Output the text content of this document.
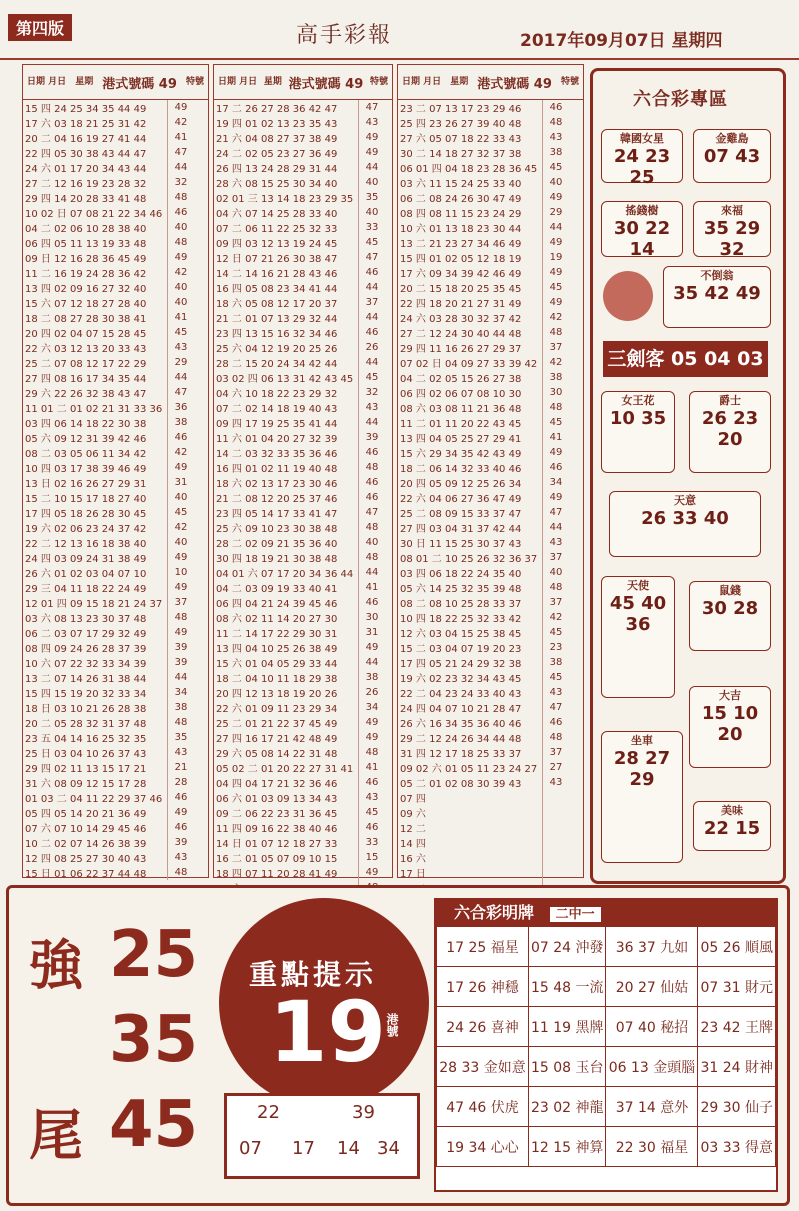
第四版	高手彩報	2017年09月07日 星期四
日期 月日 星期 港式號碼 49 特號
15 四 24 25 34 35 44 49	49
17 六 03 18 21 25 31 42	42
20 二 04 16 19 27 41 44	41
22 四 05 30 38 43 44 47	47
24 六 01 17 20 34 43 44	44
27 二 12 16 19 23 28 32	32
29 四 14 20 28 33 41 48	48
10 02 日 07 08 21 22 34 46	46
04 二 02 06 10 28 38 40	40
06 四 05 11 13 19 33 48	48
09 日 12 16 28 36 45 49	49
11 二 16 19 24 28 36 42	42
13 四 02 09 16 27 32 40	40
15 六 07 12 18 27 28 40	40
18 二 08 27 28 30 38 41	41
20 四 02 04 07 15 28 45	45
22 六 03 12 13 20 33 43	43
25 二 07 08 12 17 22 29	29
27 四 08 16 17 34 35 44	44
29 六 22 26 32 38 43 47	47
11 01 二 01 02 21 31 33 36	36
03 四 06 14 18 22 30 38	38
05 六 09 12 31 39 42 46	46
08 二 03 05 06 11 34 42	42
10 四 03 17 38 39 46 49	49
13 日 02 16 26 27 29 31	31
15 二 10 15 17 18 27 40	40
17 四 05 18 26 28 30 45	45
19 六 02 06 23 24 37 42	42
22 二 12 13 16 18 38 40	40
24 四 03 09 24 31 38 49	49
26 六 01 02 03 04 07 10	10
29 三 04 11 18 22 24 49	49
12 01 四 09 15 18 21 24 37	37
03 六 08 13 23 30 37 48	48
06 二 03 07 17 29 32 49	49
08 四 09 24 26 28 37 39	39
10 六 07 22 32 33 34 39	39
13 二 07 14 26 31 38 44	44
15 四 15 19 20 32 33 34	34
18 日 03 10 21 26 28 38	38
20 二 05 28 32 31 37 48	48
23 五 04 14 16 25 32 35	35
25 日 03 04 10 26 37 43	43
29 四 02 11 13 15 17 21	21
31 六 08 09 12 15 17 28	28
01 03 二 04 11 22 29 37 46	46
05 四 05 14 20 21 36 49	49
07 六 07 10 14 29 45 46	46
10 二 02 07 14 26 38 39	39
12 四 08 25 27 30 40 43	43
15 日 01 06 22 37 44 48	48
日期 月日 星期 港式號碼 49 特號
17 二 26 27 28 36 42 47	47
19 四 01 02 13 23 35 43	43
21 六 04 08 27 37 38 49	49
24 二 02 05 23 27 36 49	49
26 四 13 24 28 29 31 44	44
28 六 08 15 25 30 34 40	40
02 01 三 13 14 18 23 29 35	35
04 六 07 14 25 28 33 40	40
07 二 06 11 22 25 32 33	33
09 四 03 12 13 19 24 45	45
12 日 07 21 26 30 38 47	47
14 二 14 16 21 28 43 46	46
16 四 05 08 23 34 41 44	44
18 六 05 08 12 17 20 37	37
21 二 01 07 13 29 32 44	44
23 四 13 15 16 32 34 46	46
25 六 04 12 19 20 25 26	26
28 二 15 20 24 34 42 44	44
03 02 四 06 13 31 42 43 45	45
04 六 10 18 22 23 29 32	32
07 二 02 14 18 19 40 43	43
09 四 17 19 25 35 41 44	44
11 六 01 04 20 27 32 39	39
14 二 03 32 33 35 36 46	46
16 四 01 02 11 19 40 48	48
18 六 02 13 17 23 30 46	46
21 二 08 12 20 25 37 46	46
23 四 05 14 17 33 41 47	47
25 六 09 10 23 30 38 48	48
28 二 02 09 21 35 36 40	40
30 四 18 19 21 30 38 48	48
04 01 六 07 17 20 34 36 44	44
04 二 03 09 19 33 40 41	41
06 四 04 21 24 39 45 46	46
08 六 02 11 14 20 27 30	30
11 二 14 17 22 29 30 31	31
13 四 04 10 25 26 38 49	49
15 六 01 04 05 29 33 44	44
18 二 04 10 11 18 29 38	38
20 四 12 13 18 19 20 26	26
22 六 01 09 11 23 29 34	34
25 二 01 21 22 37 45 49	49
27 四 16 17 21 42 48 49	49
29 六 05 08 14 22 31 48	48
05 02 二 01 20 22 27 31 41	41
04 四 04 17 21 32 36 46	46
06 六 01 03 09 13 34 43	43
09 二 06 22 23 31 36 45	45
11 四 09 16 22 38 40 46	46
14 日 01 07 12 18 27 33	33
16 二 01 05 07 09 10 15	15
18 四 07 11 20 28 41 49	49

日期 月日 星期 港式號碼 49 特號
23 二 07 13 17 23 29 46	46
25 四 23 26 27 39 40 48	48
27 六 05 07 18 22 33 43	43
30 二 14 18 27 32 37 38	38
06 01 四 04 18 23 28 36 45	45
03 六 11 15 24 25 33 40	40
06 二 08 24 26 30 47 49	49
08 四 08 11 15 23 24 29	29
10 六 01 13 18 23 30 44	44
13 二 21 23 27 34 46 49	49
15 四 01 02 05 12 18 19	19
17 六 09 34 39 42 46 49	49
20 二 15 18 20 25 35 45	45
22 四 18 20 21 27 31 49	49
24 六 03 28 30 32 37 42	42
27 二 12 24 30 40 44 48	48
29 四 11 16 26 27 29 37	37
07 02 日 04 09 27 33 39 42	42
04 二 02 05 15 26 27 38	38
06 四 02 06 07 08 10 30	30
08 六 03 08 11 21 36 48	48
11 二 01 11 20 22 43 45	45
13 四 04 05 25 27 29 41	41
15 六 29 34 35 42 43 49	49
18 二 06 14 32 33 40 46	46
20 四 05 09 12 25 26 34	34
22 六 04 06 27 36 47 49	49
25 二 08 09 15 33 37 47	47
27 四 03 04 31 37 42 44	44
30 日 11 15 25 30 37 43	43
08 01 二 10 25 26 32 36 37	37
03 四 06 18 22 24 35 40	40
05 六 14 25 32 35 39 48	48
08 二 08 10 25 28 33 37	37
10 四 18 22 25 32 33 42	42
12 六 03 04 15 25 38 45	45
15 二 03 04 07 19 20 23	23
17 四 05 21 24 29 32 38	38
19 六 02 23 32 34 43 45	45
22 二 04 23 24 33 40 43	43
24 四 04 07 10 21 28 47	47
26 六 16 34 35 36 40 46	46
29 二 12 24 26 34 44 48	48
31 四 12 17 18 25 33 37	37
09 02 六 01 05 11 23 24 27	27
05 二 01 02 08 30 39 43	43
07 四	
09 六	
12 二	
14 四	
16 六	
17 日	

六合彩專區
韓國女星
24 23 25
金雞島
07 43
搖錢樹
30 22 14
來福
35 29 32
不倒翁
35 42 49
三劍客 05 04 03
女王花
10 35
爵士
26 23 20
天意
26 33 40
天使
45 40 36
鼠錢
30 28
大吉
15 10 20
坐車
28 27 29
美味
22 15
強 25
35
尾 45
重點提示
19 港號
22	39
07 17 14 34
六合彩明牌 二中一
17 25 福星	07 24 沖發	36 37 九如	05 26 順風
17 26 神穩	15 48 一流	20 27 仙姑	07 31 財元
24 26 喜神	11 19 黑牌	07 40 秘招	23 42 王牌
28 33 金如意	15 08 玉台	06 13 金頭腦	31 24 財神
47 46 伏虎	23 02 神龍	37 14 意外	29 30 仙子
19 34 心心	12 15 神算	22 30 福星	03 33 得意
